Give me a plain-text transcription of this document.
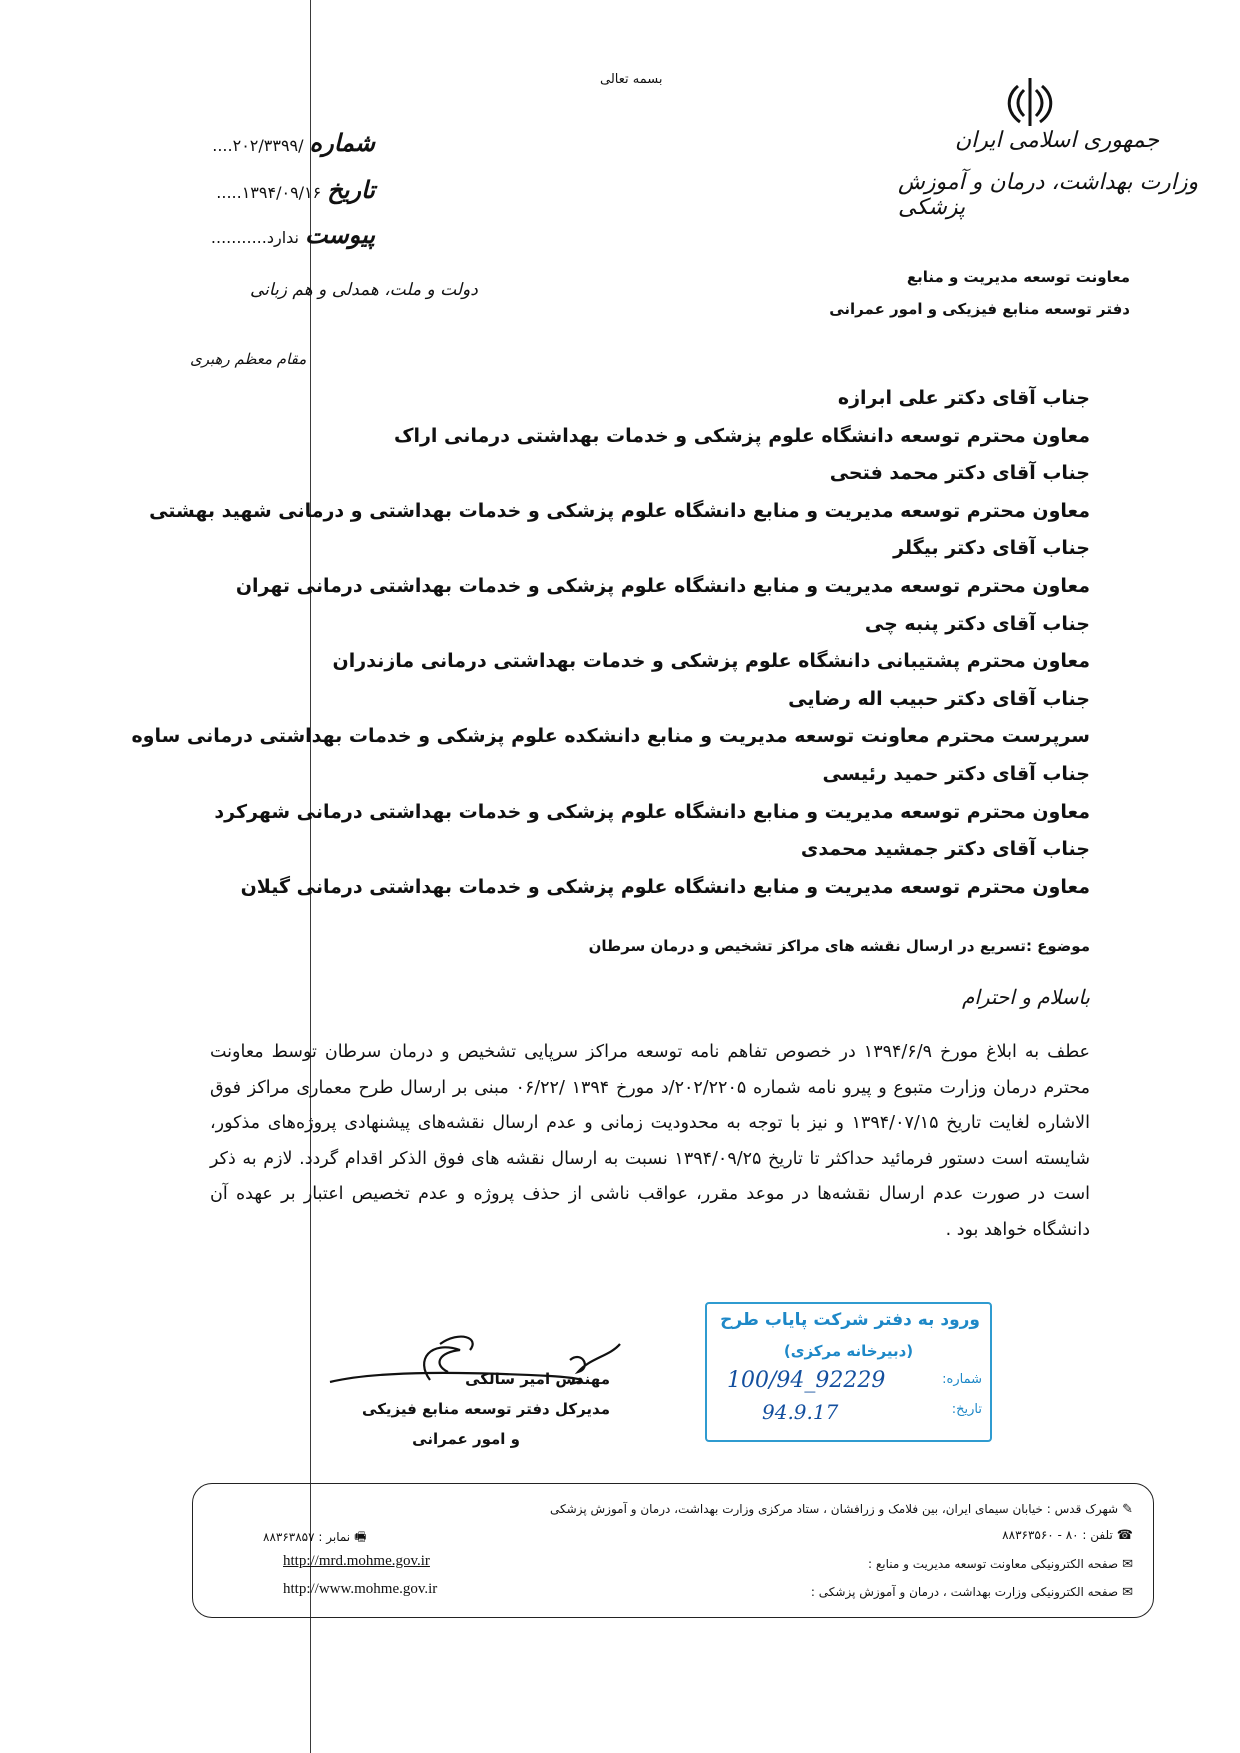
بسمه تعالی
جمهوری اسلامی ایران
وزارت بهداشت، درمان و آموزش پزشکی
معاونت توسعه مدیریت و منابع
دفتر توسعه منابع فیزیکی و امور عمرانی
شماره
/۲۰۲/۳۳۹۹....
تاریخ
۱۳۹۴/۰۹/۱۶.....
پیوست
ندارد...........
دولت و ملت، همدلی و هم زبانی
مقام معظم رهبری
جناب آقای دکتر علی ابرازه
معاون محترم توسعه دانشگاه علوم پزشکی و خدمات بهداشتی درمانی اراک
جناب آقای دکتر محمد فتحی
معاون محترم توسعه مدیریت و منابع دانشگاه علوم پزشکی و خدمات بهداشتی و درمانی شهید بهشتی
جناب آقای دکتر بیگلر
معاون محترم توسعه مدیریت و منابع دانشگاه علوم پزشکی و خدمات بهداشتی درمانی تهران
جناب آقای دکتر پنبه چی
معاون محترم پشتیبانی دانشگاه علوم پزشکی و خدمات بهداشتی درمانی مازندران
جناب آقای دکتر حبیب اله رضایی
سرپرست محترم معاونت توسعه مدیریت و منابع دانشکده علوم پزشکی و خدمات بهداشتی درمانی ساوه
جناب آقای دکتر حمید رئیسی
معاون محترم توسعه مدیریت و منابع دانشگاه علوم پزشکی و خدمات بهداشتی درمانی شهرکرد
جناب آقای دکتر جمشید محمدی
معاون محترم توسعه مدیریت و منابع دانشگاه علوم پزشکی و خدمات بهداشتی درمانی گیلان
موضوع :تسریع در ارسال نقشه های مراکز تشخیص و درمان سرطان
باسلام و احترام
عطف به ابلاغ مورخ ۱۳۹۴/۶/۹ در خصوص تفاهم نامه توسعه مراکز سرپایی تشخیص و درمان سرطان توسط معاونت محترم درمان وزارت متبوع و پیرو نامه شماره ۲۰۲/۲۲۰۵/د مورخ ۱۳۹۴ /۰۶/۲۲ مبنی بر ارسال طرح معماری مراکز فوق الاشاره لغایت تاریخ ۱۳۹۴/۰۷/۱۵ و نیز با توجه به محدودیت زمانی و عدم ارسال نقشه‌های پیشنهادی پروژه‌های مذکور، شایسته است دستور فرمائید حداکثر تا تاریخ ۱۳۹۴/۰۹/۲۵ نسبت به ارسال نقشه های فوق الذکر اقدام گردد. لازم به ذکر است در صورت عدم ارسال نقشه‌ها در موعد مقرر، عواقب ناشی از حذف پروژه و عدم تخصیص اعتبار بر عهده آن دانشگاه خواهد بود .
ورود به دفتر شرکت پایاب طرح
(دبیرخانه مرکزی)
شماره:
تاریخ:
100/94_92229
94.9.17
مهندس امیر سالکی
مدیرکل دفتر توسعه منابع فیزیکی
و امور عمرانی
✎شهرک قدس : خیابان سیمای ایران، بین فلامک و زرافشان ، ستاد مرکزی وزارت بهداشت، درمان و آموزش پزشکی
☎تلفن : ۸۰ - ۸۸۳۶۳۵۶۰
🖷نمابر : ۸۸۳۶۳۸۵۷
✉صفحه الکترونیکی معاونت توسعه مدیریت و منابع :
✉صفحه الکترونیکی وزارت بهداشت ، درمان و آموزش پزشکی :
http://mrd.mohme.gov.ir
http://www.mohme.gov.ir
